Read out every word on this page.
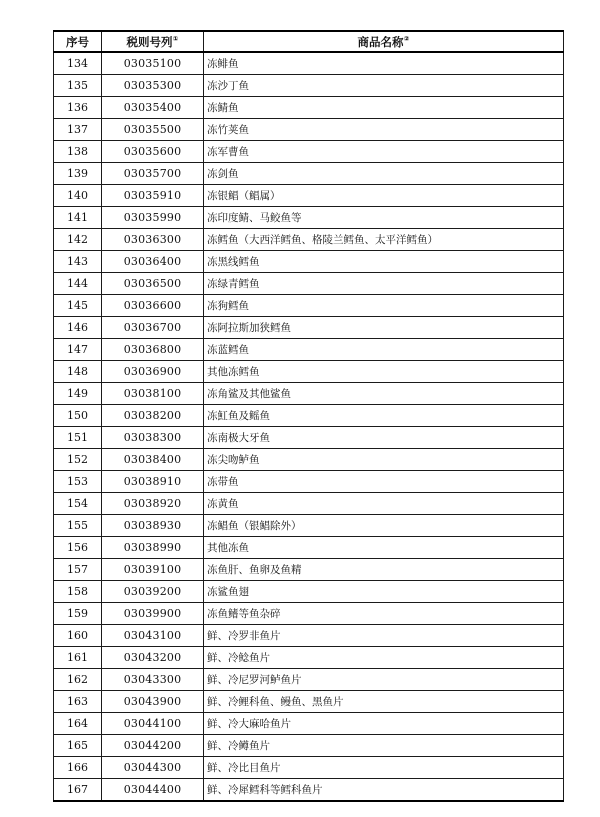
序号	税则号列①	商品名称②
134	03035100	冻鲱鱼
135	03035300	冻沙丁鱼
136	03035400	冻鲭鱼
137	03035500	冻竹荚鱼
138	03035600	冻军曹鱼
139	03035700	冻剑鱼
140	03035910	冻银鲳（鲳属）
141	03035990	冻印度鲭、马鲛鱼等
142	03036300	冻鳕鱼（大西洋鳕鱼、格陵兰鳕鱼、太平洋鳕鱼）
143	03036400	冻黑线鳕鱼
144	03036500	冻绿青鳕鱼
145	03036600	冻狗鳕鱼
146	03036700	冻阿拉斯加狭鳕鱼
147	03036800	冻蓝鳕鱼
148	03036900	其他冻鳕鱼
149	03038100	冻角鲨及其他鲨鱼
150	03038200	冻魟鱼及鳐鱼
151	03038300	冻南极大牙鱼
152	03038400	冻尖吻鲈鱼
153	03038910	冻带鱼
154	03038920	冻黄鱼
155	03038930	冻鲳鱼（银鲳除外）
156	03038990	其他冻鱼
157	03039100	冻鱼肝、鱼卵及鱼精
158	03039200	冻鲨鱼翅
159	03039900	冻鱼鳍等鱼杂碎
160	03043100	鲜、冷罗非鱼片
161	03043200	鲜、冷鲶鱼片
162	03043300	鲜、冷尼罗河鲈鱼片
163	03043900	鲜、冷鲤科鱼、鳗鱼、黑鱼片
164	03044100	鲜、冷大麻哈鱼片
165	03044200	鲜、冷鳟鱼片
166	03044300	鲜、冷比目鱼片
167	03044400	鲜、冷犀鳕科等鳕科鱼片
